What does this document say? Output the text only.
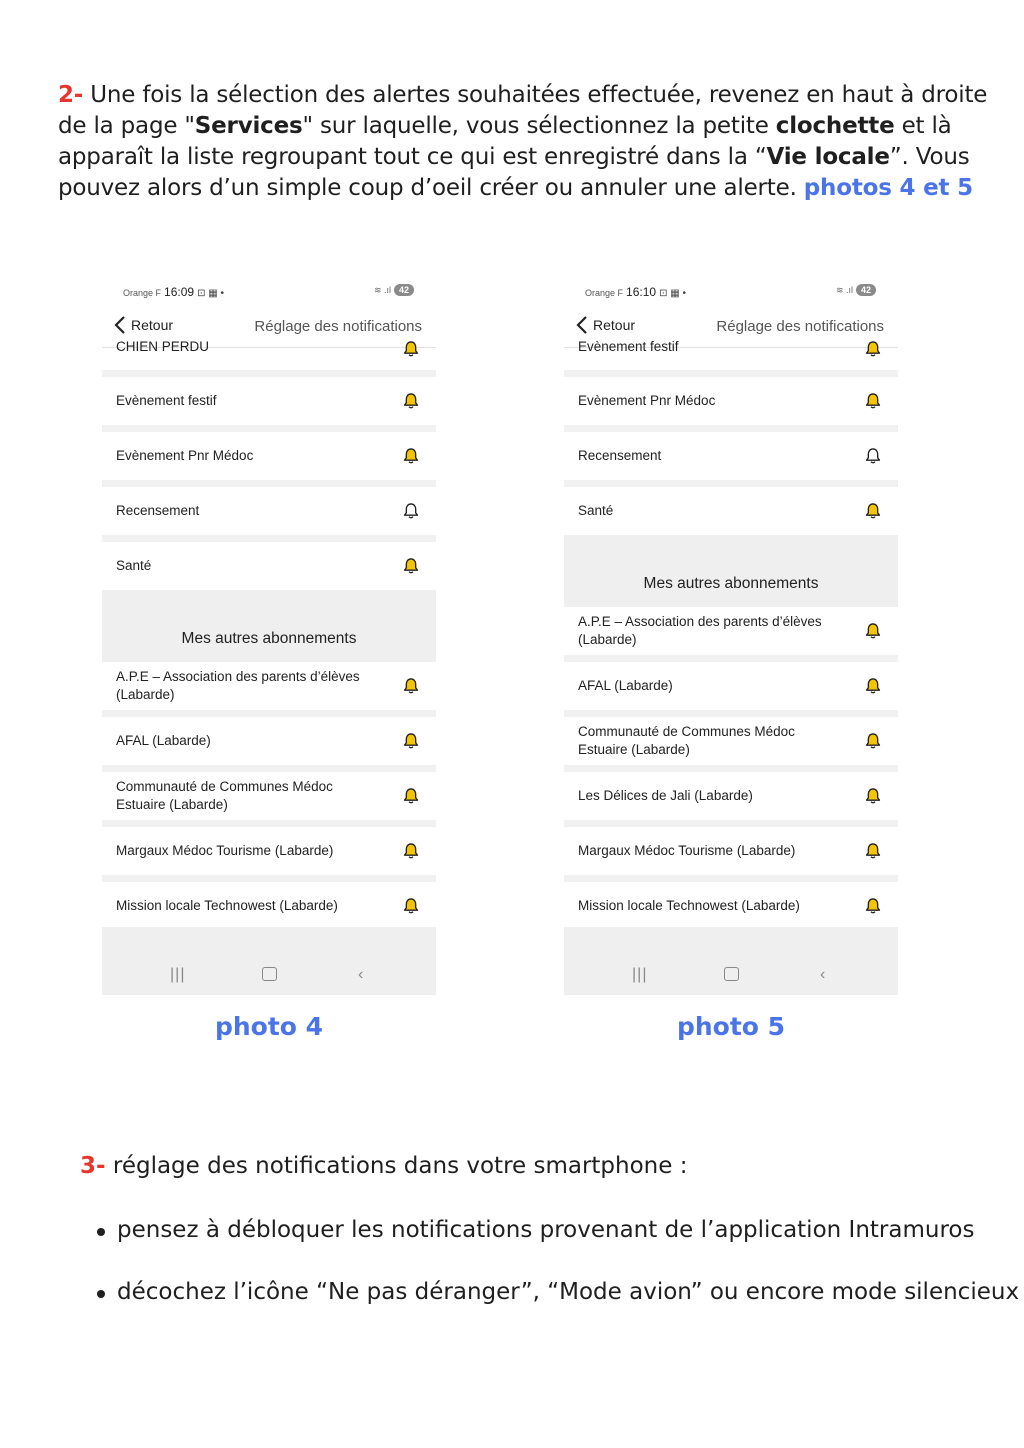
2- Une fois la sélection des alertes souhaitées effectuée, revenez en haut à droite de la page "Services" sur laquelle, vous sélectionnez la petite clochette et là apparaît la liste regroupant tout ce qui est enregistré dans la “Vie locale”. Vous pouvez alors d’un simple coup d’oeil créer ou annuler une alerte. photos 4 et 5
Orange F 16:09 ⊡ ▦ •	≋ .ıl 42
Retour	Réglage des notifications
CHIEN PERDU
Evènement festif
Evènement Pnr Médoc
Recensement
Santé
Mes autres abonnements
A.P.E – Association des parents d’élèves (Labarde)
AFAL (Labarde)
Communauté de Communes Médoc Estuaire (Labarde)
Margaux Médoc Tourisme (Labarde)
Mission locale Technowest (Labarde)
|||	‹
photo 4
Orange F 16:10 ⊡ ▦ •	≋ .ıl 42
Retour	Réglage des notifications
Evènement festif
Evènement Pnr Médoc
Recensement
Santé
Mes autres abonnements
A.P.E – Association des parents d’élèves (Labarde)
AFAL (Labarde)
Communauté de Communes Médoc Estuaire (Labarde)
Les Délices de Jali (Labarde)
Margaux Médoc Tourisme (Labarde)
Mission locale Technowest (Labarde)
|||	‹
photo 5
3- réglage des notifications dans votre smartphone :
pensez à débloquer les notifications provenant de l’application Intramuros
décochez l’icône “Ne pas déranger”, “Mode avion” ou encore mode silencieux
